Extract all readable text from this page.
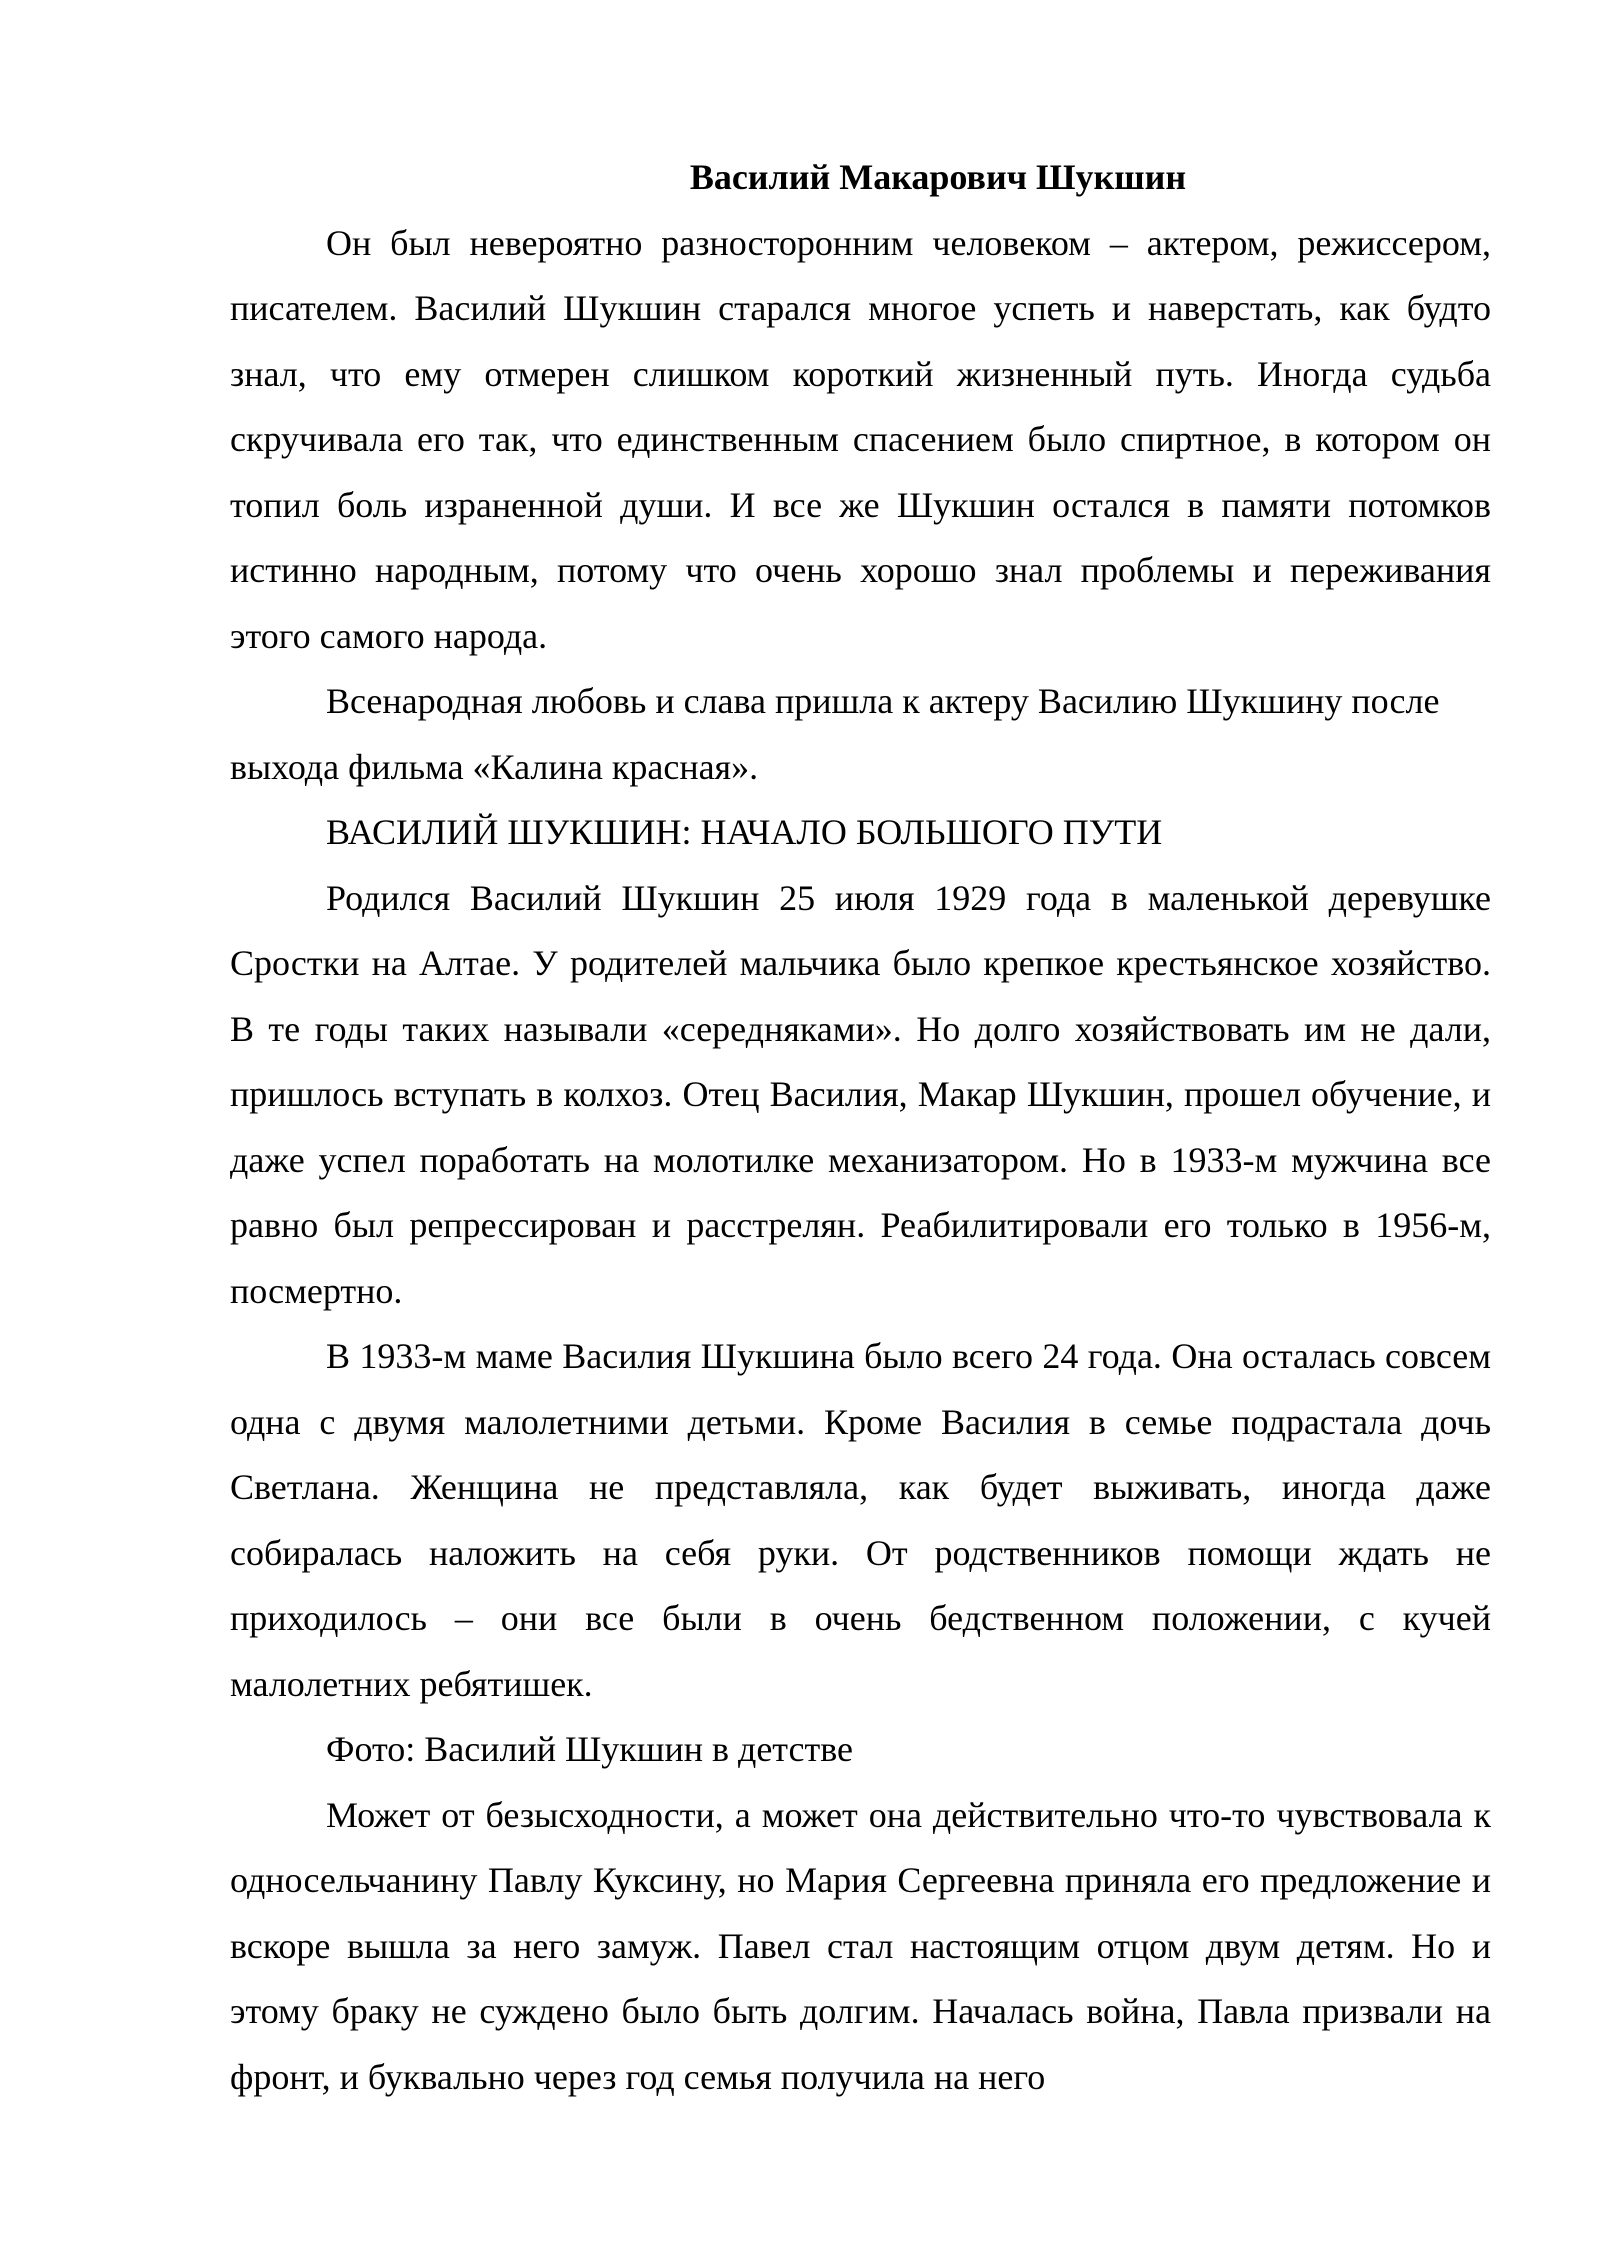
Василий Макарович Шукшин

Он был невероятно разносторонним человеком – актером, режиссером, писателем. Василий Шукшин старался многое успеть и наверстать, как будто знал, что ему отмерен слишком короткий жизненный путь. Иногда судьба скручивала его так, что единственным спасением было спиртное, в котором он топил боль израненной души. И все же Шукшин остался в памяти потомков истинно народным, потому что очень хорошо знал проблемы и переживания этого самого народа.

Всенародная любовь и слава пришла к актеру Василию Шукшину после выхода фильма «Калина красная».

ВАСИЛИЙ ШУКШИН: НАЧАЛО БОЛЬШОГО ПУТИ

Родился Василий Шукшин 25 июля 1929 года в маленькой деревушке Сростки на Алтае. У родителей мальчика было крепкое крестьянское хозяйство. В те годы таких называли «середняками». Но долго хозяйствовать им не дали, пришлось вступать в колхоз. Отец Василия, Макар Шукшин, прошел обучение, и даже успел поработать на молотилке механизатором. Но в 1933-м мужчина все равно был репрессирован и расстрелян. Реабилитировали его только в 1956-м, посмертно.

В 1933-м маме Василия Шукшина было всего 24 года. Она осталась совсем одна с двумя малолетними детьми. Кроме Василия в семье подрастала дочь Светлана. Женщина не представляла, как будет выживать, иногда даже собиралась наложить на себя руки. От родственников помощи ждать не приходилось – они все были в очень бедственном положении, с кучей малолетних ребятишек.

Фото: Василий Шукшин в детстве

Может от безысходности, а может она действительно что-то чувствовала к односельчанину Павлу Куксину, но Мария Сергеевна приняла его предложение и вскоре вышла за него замуж. Павел стал настоящим отцом двум детям. Но и этому браку не суждено было быть долгим. Началась война, Павла призвали на фронт, и буквально через год семья получила на него
